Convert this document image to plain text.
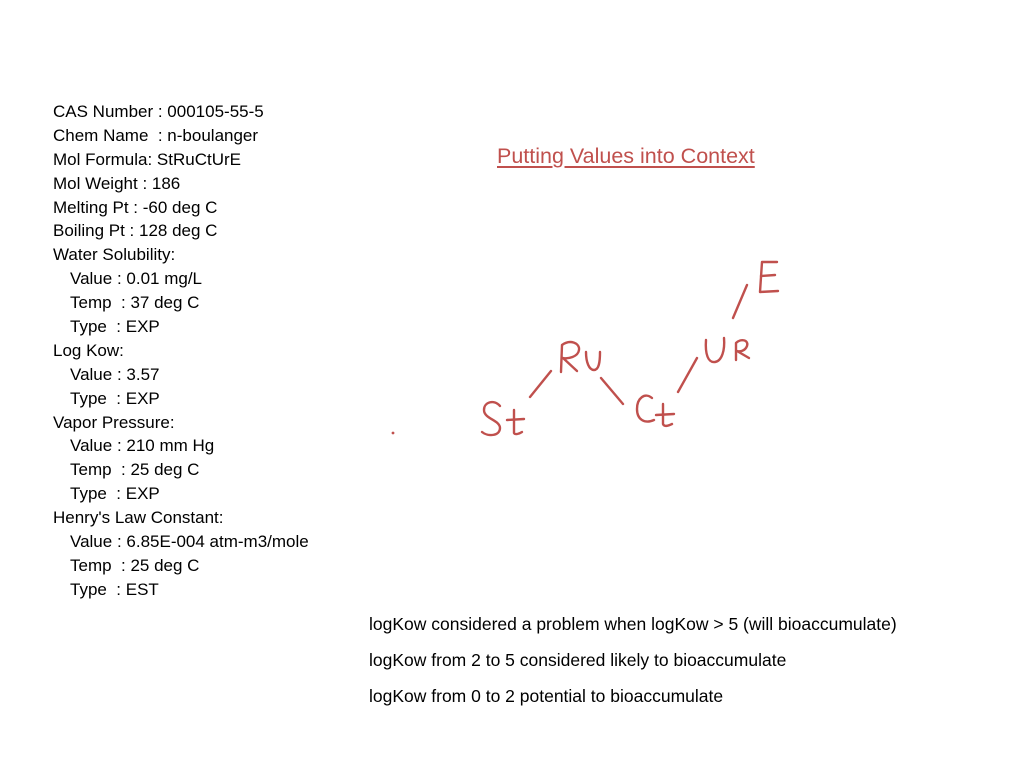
CAS Number : 000105-55-5
Chem Name  : n-boulanger
Mol Formula: StRuCtUrE
Mol Weight : 186
Melting Pt : -60 deg C
Boiling Pt : 128 deg C
Water Solubility:
Value : 0.01 mg/L
Temp  : 37 deg C
Type  : EXP
Log Kow:
Value : 3.57
Type  : EXP
Vapor Pressure:
Value : 210 mm Hg
Temp  : 25 deg C
Type  : EXP
Henry's Law Constant:
Value : 6.85E-004 atm-m3/mole
Temp  : 25 deg C
Type  : EST
Putting Values into Context
logKow considered a problem when logKow > 5 (will bioaccumulate)
logKow from 2 to 5 considered likely to bioaccumulate
logKow from 0 to 2 potential to bioaccumulate
